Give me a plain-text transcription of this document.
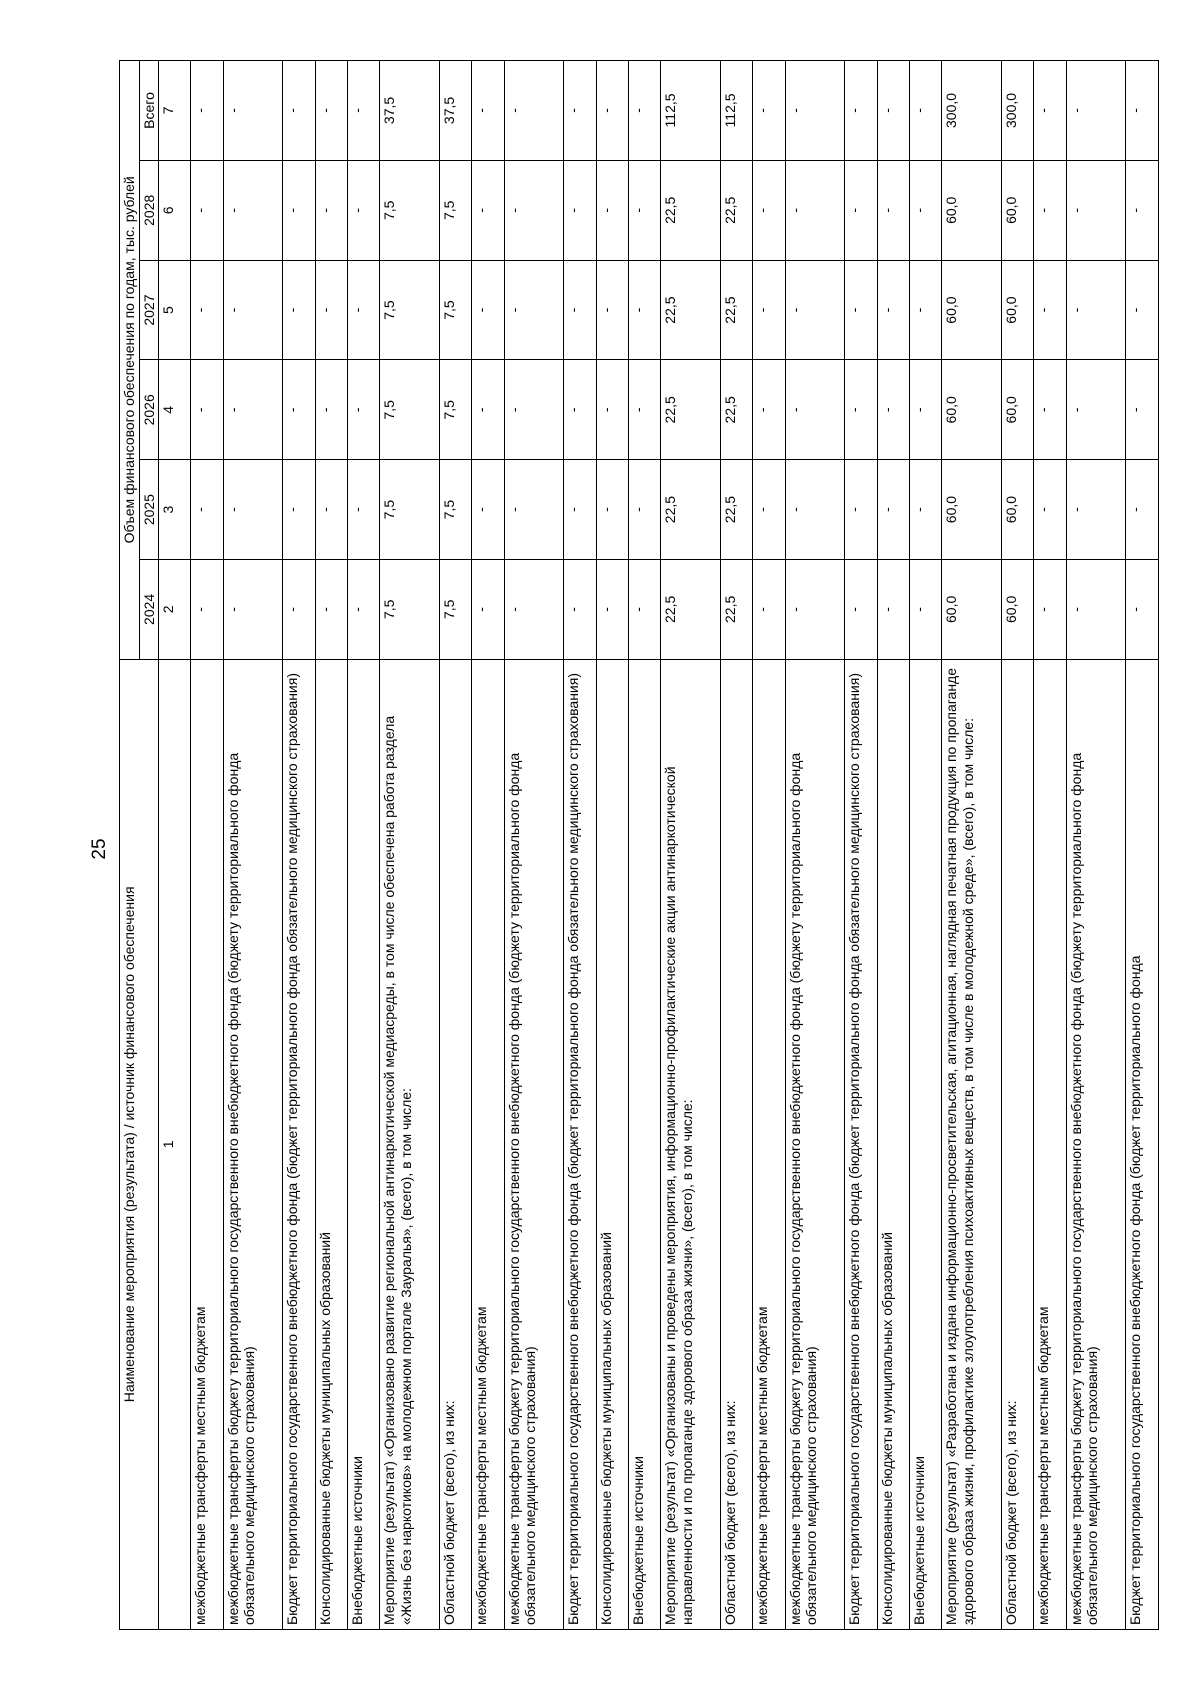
25
Наименование мероприятия (результата) / источник финансового обеспечения	Объем финансового обеспечения по годам, тыс. рублей					
	2024	2025	2026	2027	2028	Всего
1	2	3	4	5	6	7
межбюджетные трансферты местным бюджетам	-	-	-	-	-	-
межбюджетные трансферты бюджету территориального государственного внебюджетного фонда (бюджету территориального фонда обязательного медицинского страхования)	-	-	-	-	-	-
Бюджет территориального государственного внебюджетного фонда (бюджет территориального фонда обязательного медицинского страхования)	-	-	-	-	-	-
Консолидированные бюджеты муниципальных образований	-	-	-	-	-	-
Внебюджетные источники	-	-	-	-	-	-
Мероприятие (результат) «Организовано развитие региональной антинаркотической медиасреды, в том числе обеспечена работа раздела «Жизнь без наркотиков» на молодежном портале Зауралья», (всего), в том числе:	7,5	7,5	7,5	7,5	7,5	37,5
Областной бюджет (всего), из них:	7,5	7,5	7,5	7,5	7,5	37,5
межбюджетные трансферты местным бюджетам	-	-	-	-	-	-
межбюджетные трансферты бюджету территориального государственного внебюджетного фонда (бюджету территориального фонда обязательного медицинского страхования)	-	-	-	-	-	-
Бюджет территориального государственного внебюджетного фонда (бюджет территориального фонда обязательного медицинского страхования)	-	-	-	-	-	-
Консолидированные бюджеты муниципальных образований	-	-	-	-	-	-
Внебюджетные источники	-	-	-	-	-	-
Мероприятие (результат) «Организованы и проведены мероприятия, информационно-профилактические акции антинаркотической направленности и по пропаганде здорового образа жизни», (всего), в том числе:	22,5	22,5	22,5	22,5	22,5	112,5
Областной бюджет (всего), из них:	22,5	22,5	22,5	22,5	22,5	112,5
межбюджетные трансферты местным бюджетам	-	-	-	-	-	-
межбюджетные трансферты бюджету территориального государственного внебюджетного фонда (бюджету территориального фонда обязательного медицинского страхования)	-	-	-	-	-	-
Бюджет территориального государственного внебюджетного фонда (бюджет территориального фонда обязательного медицинского страхования)	-	-	-	-	-	-
Консолидированные бюджеты муниципальных образований	-	-	-	-	-	-
Внебюджетные источники	-	-	-	-	-	-
Мероприятие (результат) «Разработана и издана информационно-просветительская, агитационная, наглядная печатная продукция по пропаганде здорового образа жизни, профилактике злоупотребления психоактивных веществ, в том числе в молодежной среде», (всего), в том числе:	60,0	60,0	60,0	60,0	60,0	300,0
Областной бюджет (всего), из них:	60,0	60,0	60,0	60,0	60,0	300,0
межбюджетные трансферты местным бюджетам	-	-	-	-	-	-
межбюджетные трансферты бюджету территориального государственного внебюджетного фонда (бюджету территориального фонда обязательного медицинского страхования)	-	-	-	-	-	-
Бюджет территориального государственного внебюджетного фонда (бюджет территориального фонда	-	-	-	-	-	-
